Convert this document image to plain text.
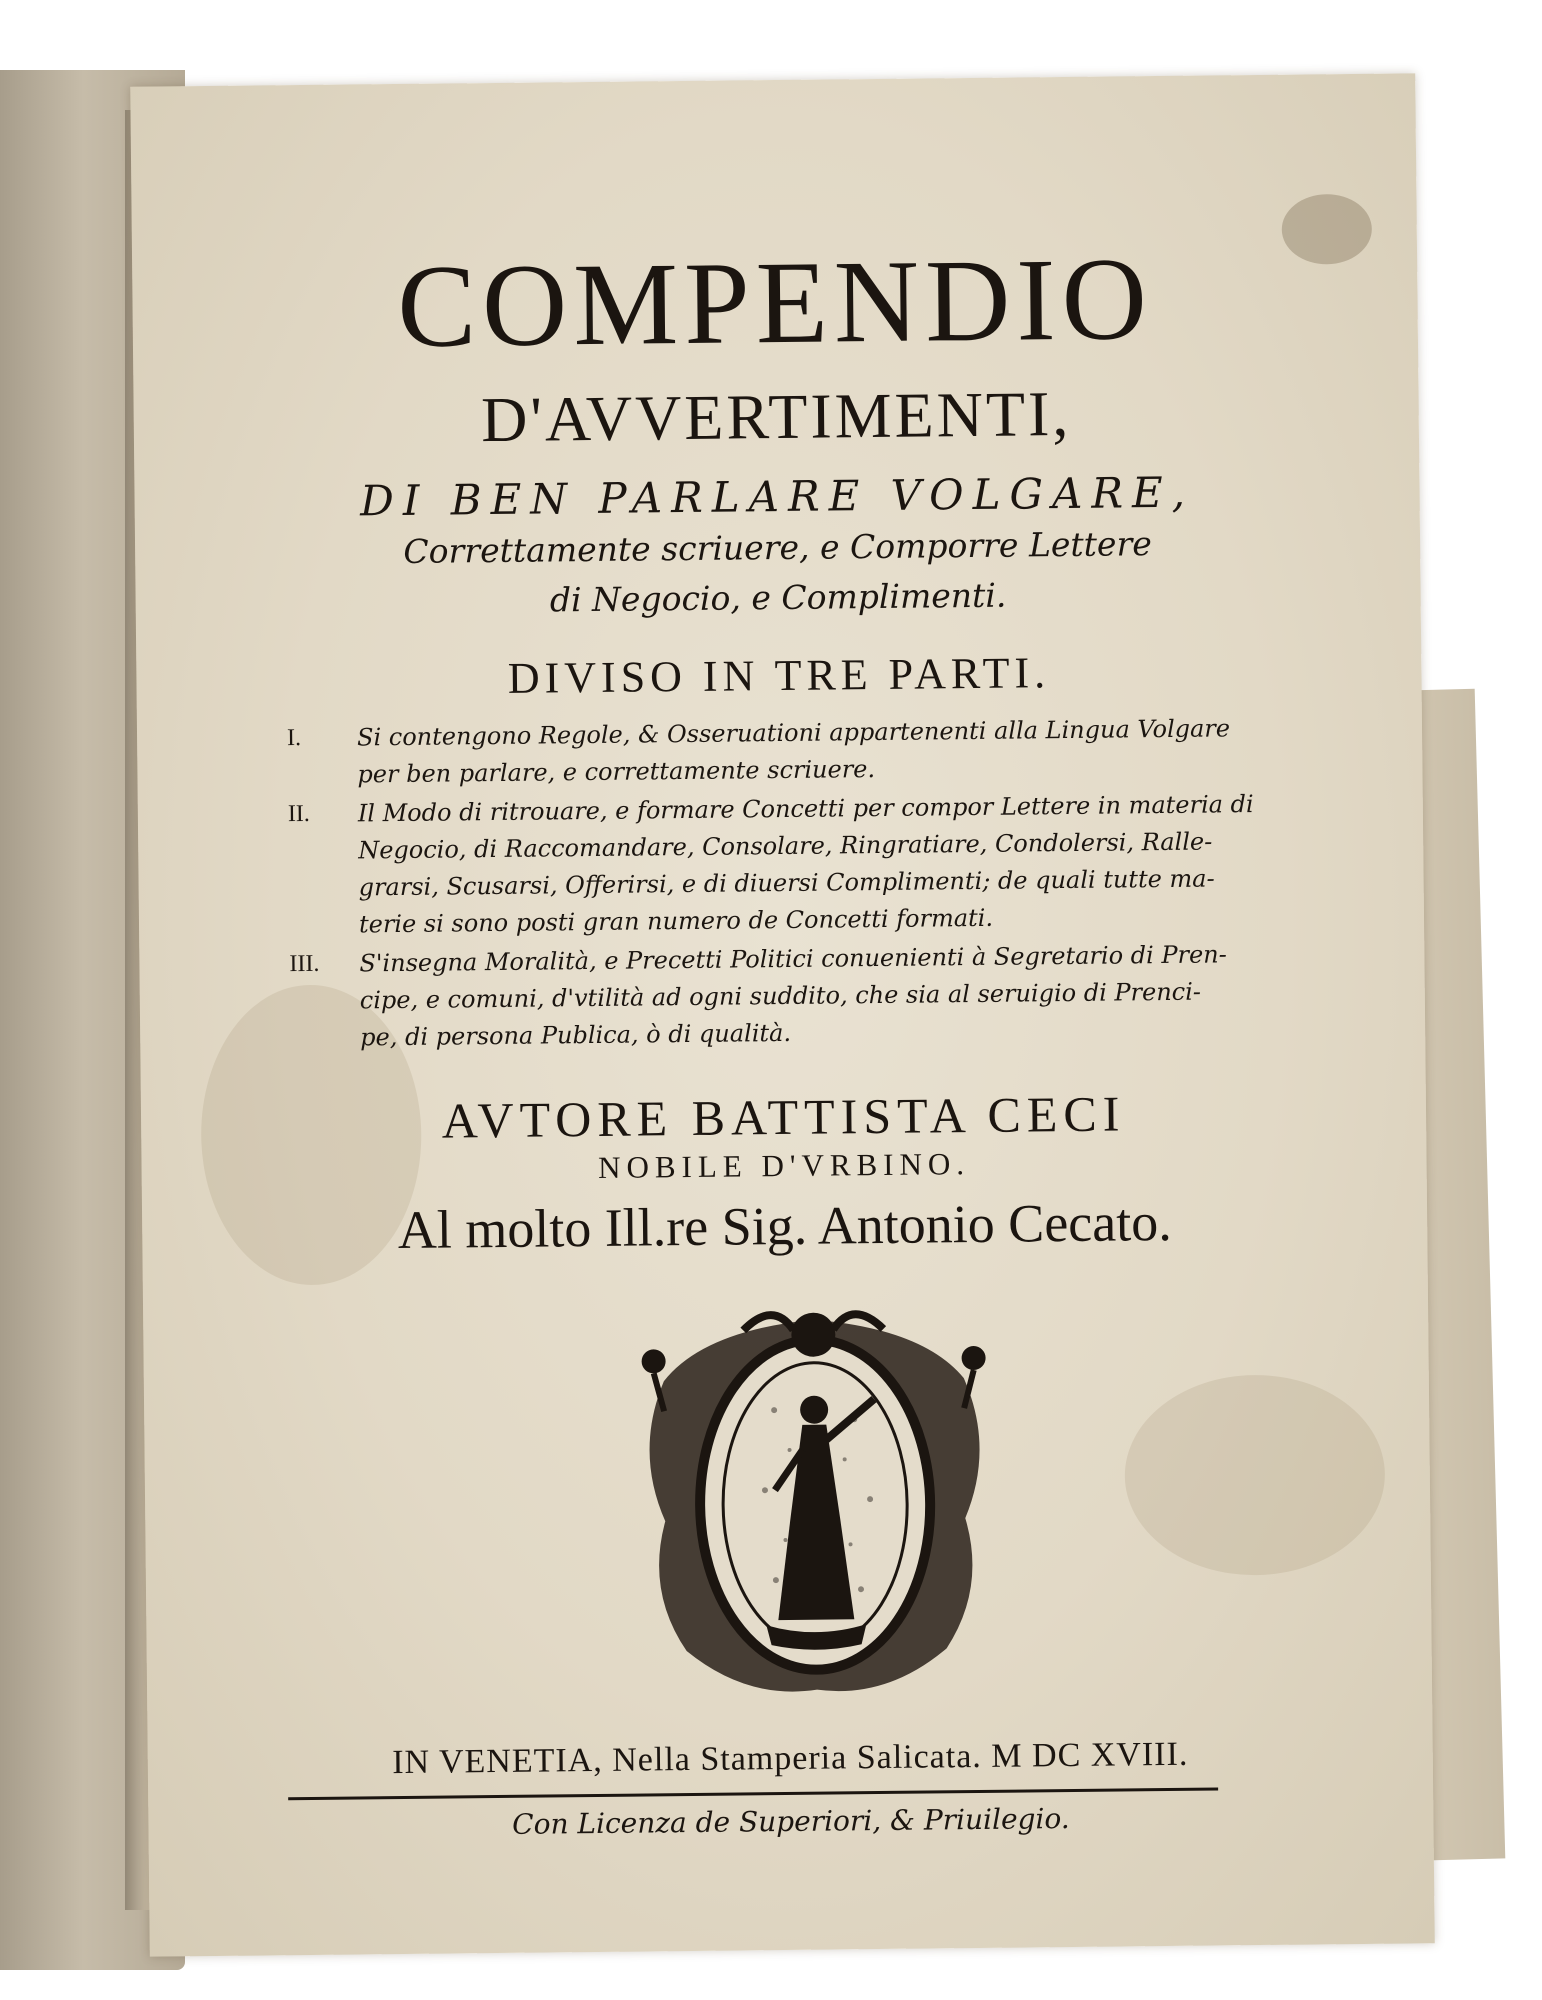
COMPENDIO
D'AVVERTIMENTI,
DI BEN PARLARE VOLGARE,
Correttamente scriuere, e Comporre Lettere
di Negocio, e Complimenti.
DIVISO IN TRE PARTI.
I.	Si contengono Regole, & Osseruationi appartenenti alla Lingua Volgare
per ben parlare, e correttamente scriuere.
II.	Il Modo di ritrouare, e formare Concetti per compor Lettere in materia di
Negocio, di Raccomandare, Consolare, Ringratiare, Condolersi, Ralle-
grarsi, Scusarsi, Offerirsi, e di diuersi Complimenti; de quali tutte ma-
terie si sono posti gran numero de Concetti formati.
III.	S'insegna Moralità, e Precetti Politici conuenienti à Segretario di Pren-
cipe, e comuni, d'vtilità ad ogni suddito, che sia al seruigio di Prenci-
pe, di persona Publica, ò di qualità.
AVTORE BATTISTA CECI
NOBILE D'VRBINO.
Al molto Ill.re Sig. Antonio Cecato.
IN VENETIA, Nella Stamperia Salicata. M DC XVIII.
Con Licenza de Superiori, & Priuilegio.
